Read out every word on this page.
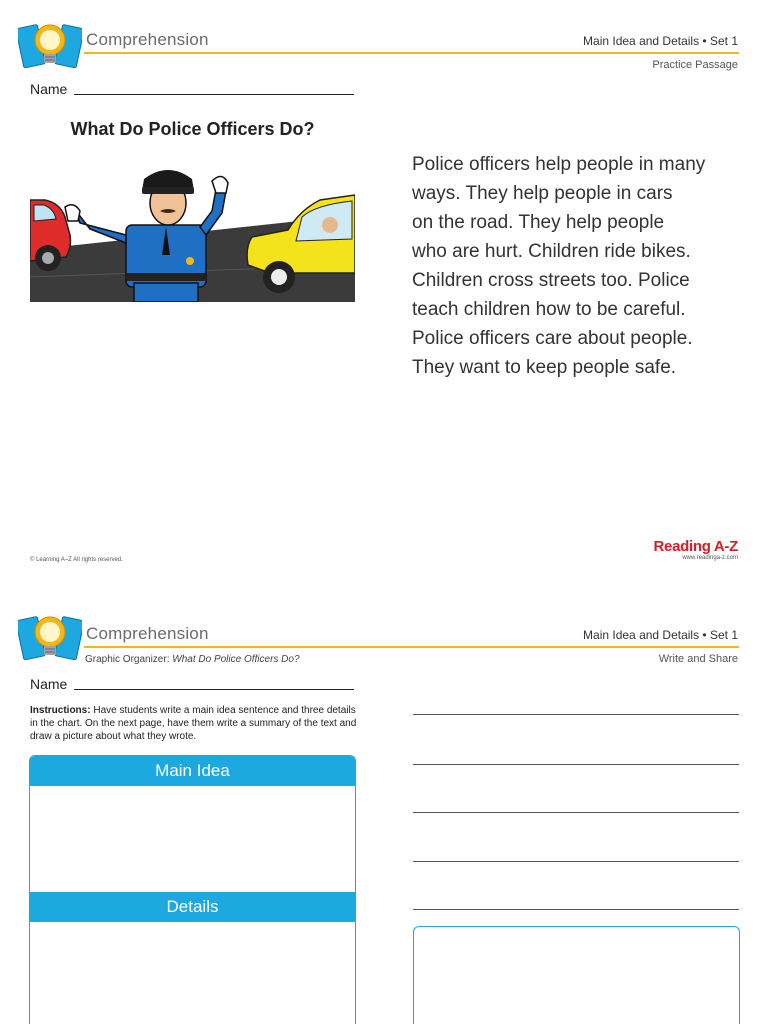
Comprehension	Main Idea and Details • Set 1
Practice Passage
Name
What Do Police Officers Do?

Police officers help people in many

ways. They help people in cars

on the road. They help people

who are hurt. Children ride bikes.

Children cross streets too. Police

teach children how to be careful.

Police officers care about people.

They want to keep people safe.

© Learning A–Z All rights reserved.
Reading A-Z
www.readinga-z.com
Comprehension	Main Idea and Details • Set 1
Graphic Organizer: What Do Police Officers Do?	Write and Share
Name
Instructions: Have students write a main idea sentence and three details in the chart. On the next page, have them write a summary of the text and draw a picture about what they wrote.
Main Idea
Details
